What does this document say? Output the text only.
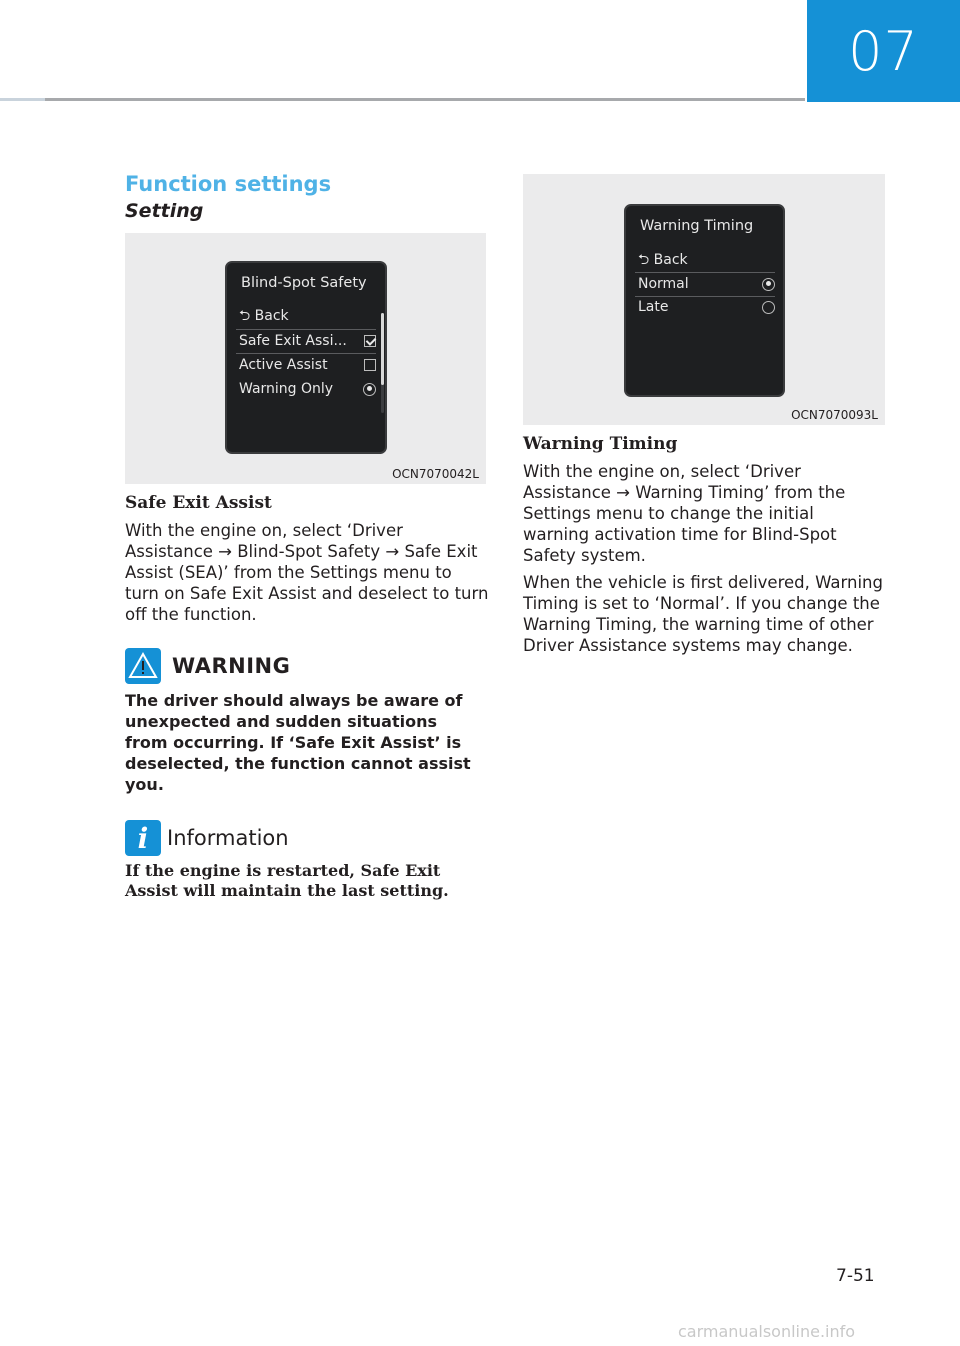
07
Function settings
Setting
Blind-Spot Safety
⮌ Back
Safe Exit Assi...
Active Assist
Warning Only
OCN7070042L
Safe Exit Assist
With the engine on, select ‘Driver Assistance → Blind-Spot Safety → Safe Exit Assist (SEA)’ from the Settings menu to turn on Safe Exit Assist and deselect to turn off the function.
WARNING
The driver should always be aware of unexpected and sudden situations from occurring. If ‘Safe Exit Assist’ is deselected, the function cannot assist you.
i Information
If the engine is restarted, Safe Exit Assist will maintain the last setting.
Warning Timing
⮌ Back
Normal
Late
OCN7070093L
Warning Timing
With the engine on, select ‘Driver Assistance → Warning Timing’ from the Settings menu to change the initial warning activation time for Blind-Spot Safety system.
When the vehicle is first delivered, Warning Timing is set to ‘Normal’. If you change the Warning Timing, the warning time of other Driver Assistance systems may change.
7-51
carmanualsonline.info
